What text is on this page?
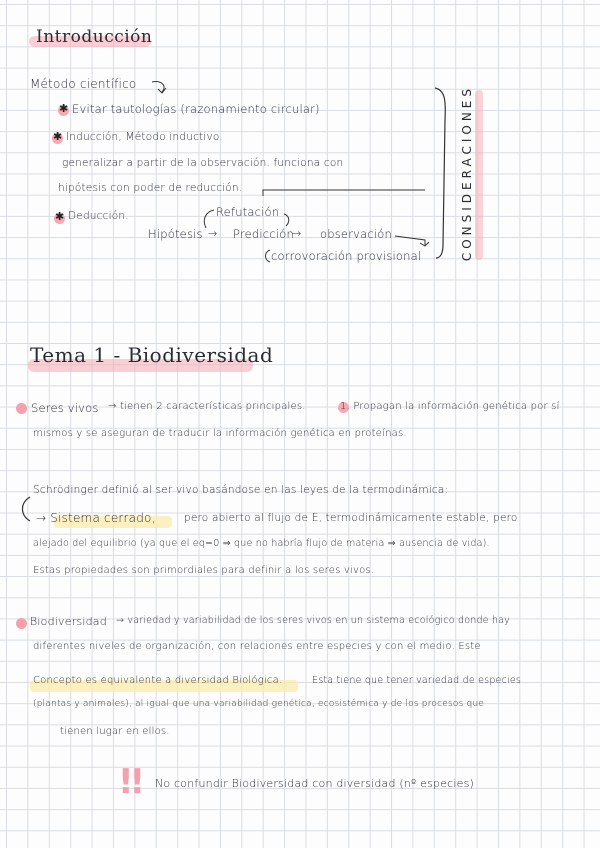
Introducción
Método científico
✱ Evitar tautologías (razonamiento circular)
✱ Inducción, Método inductivo.
generalizar a partir de la observación. funciona con
hipótesis con poder de reducción.
✱ Deducción.	Refutación
Hipótesis → Predicción
→ observación
corrovoración provisional	CONSIDERACIONES
Tema 1 - Biodiversidad
Seres vivos → tienen 2 características principales.	1. Propagan la información genética por sí
mismos y se aseguran de traducir la información genética en proteínas.
Schrödinger definió al ser vivo basándose en las leyes de la termodinámica:
→ Sistema cerrado,	pero abierto al flujo de E, termodinámicamente estable, pero
alejado del equilibrio (ya que el eq=0 ⇒ que no habría flujo de materia ⇒ ausencia de vida).
Estas propiedades son primordiales para definir a los seres vivos.
Biodiversidad → variedad y variabilidad de los seres vivos en un sistema ecológico donde hay
diferentes niveles de organización, con relaciones entre especies y con el medio. Este
Concepto es equivalente a diversidad Biológica.	Esta tiene que tener variedad de especies
(plantas y animales), al igual que una variabilidad genética, ecosistémica y de los procesos que
tienen lugar en ellos.
!! No confundir Biodiversidad con diversidad (nº especies)
